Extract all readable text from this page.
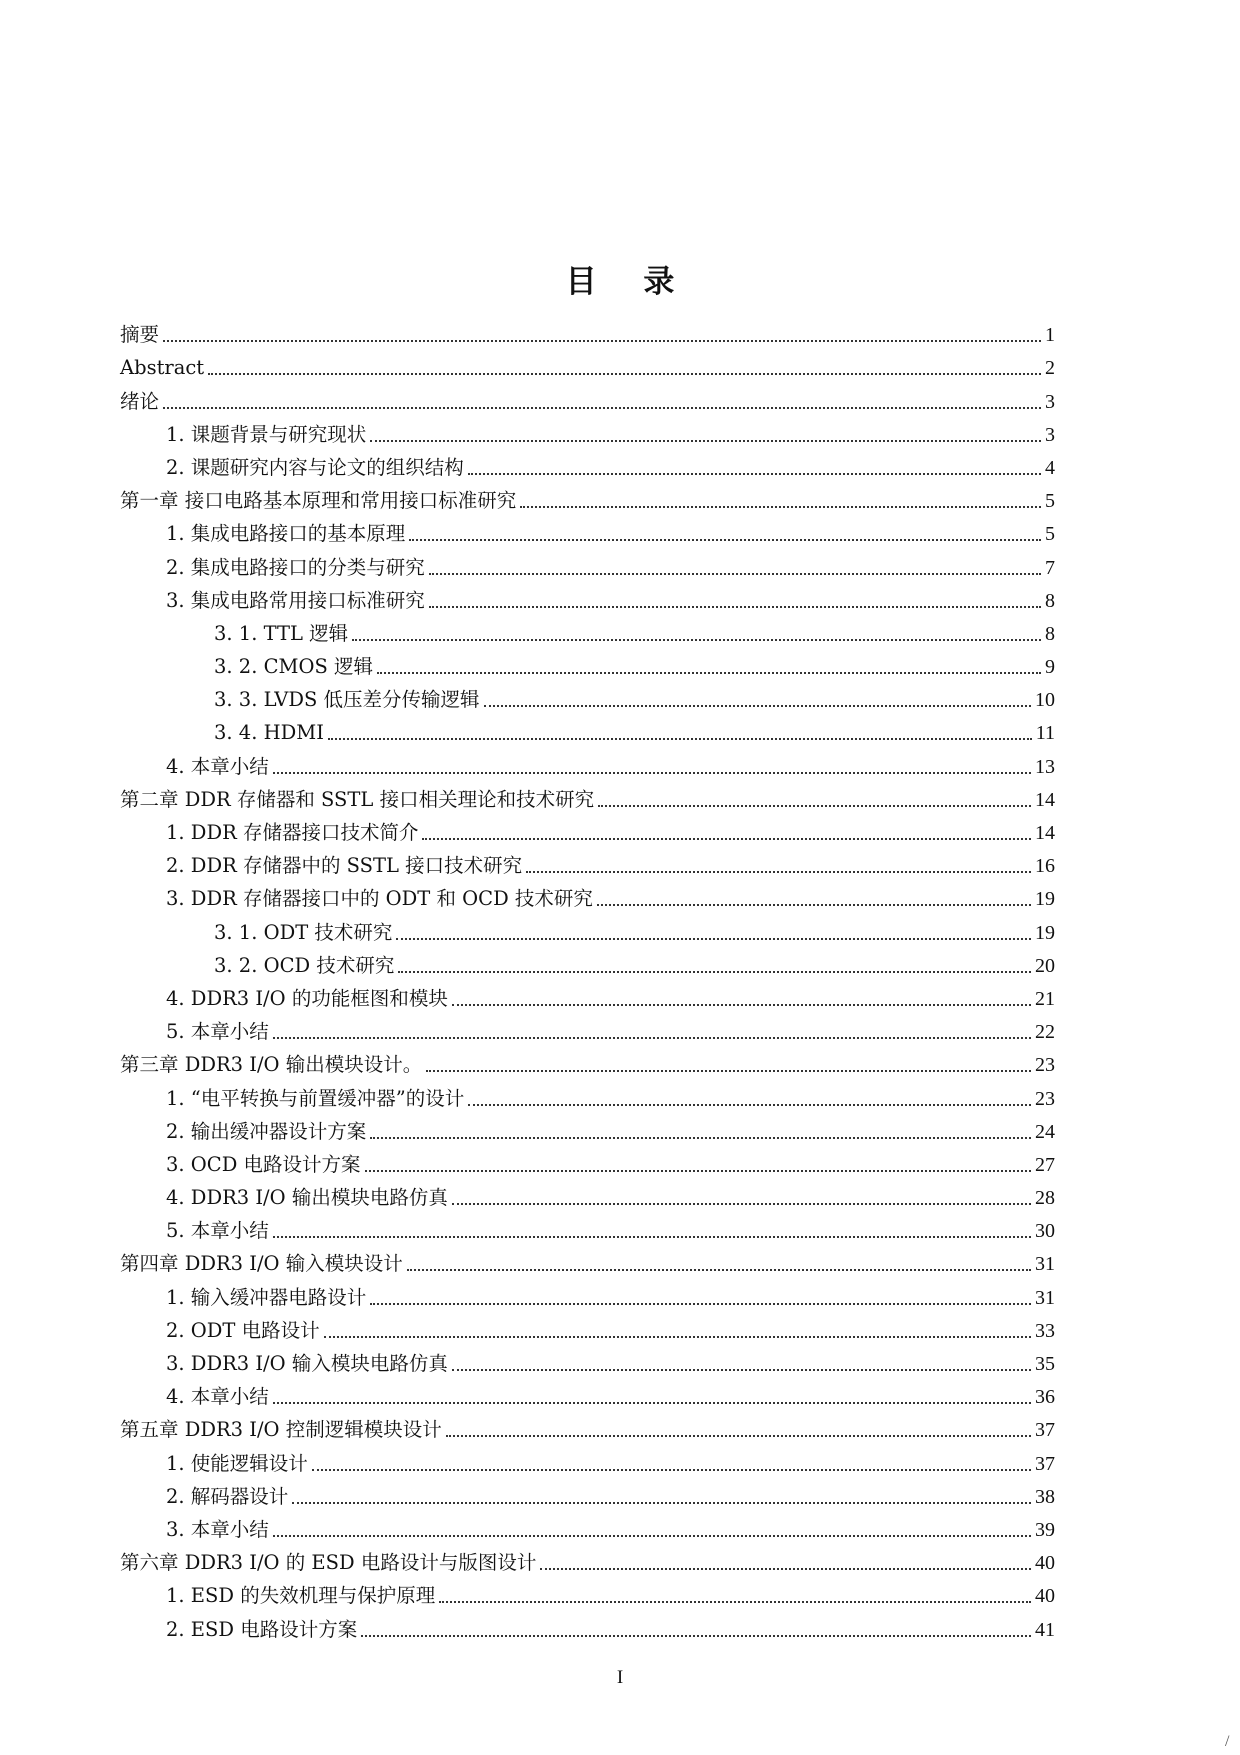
目 录
摘要	1
Abstract	2
绪论	3
1. 课题背景与研究现状	3
2. 课题研究内容与论文的组织结构	4
第一章 接口电路基本原理和常用接口标准研究	5
1. 集成电路接口的基本原理	5
2. 集成电路接口的分类与研究	7
3. 集成电路常用接口标准研究	8
3. 1. TTL 逻辑	8
3. 2. CMOS 逻辑	9
3. 3. LVDS 低压差分传输逻辑	10
3. 4. HDMI	11
4. 本章小结	13
第二章 DDR 存储器和 SSTL 接口相关理论和技术研究	14
1. DDR 存储器接口技术简介	14
2. DDR 存储器中的 SSTL 接口技术研究	16
3. DDR 存储器接口中的 ODT 和 OCD 技术研究	19
3. 1. ODT 技术研究	19
3. 2. OCD 技术研究	20
4. DDR3 I/O 的功能框图和模块	21
5. 本章小结	22
第三章 DDR3 I/O 输出模块设计。	23
1. “电平转换与前置缓冲器”的设计	23
2. 输出缓冲器设计方案	24
3. OCD 电路设计方案	27
4. DDR3 I/O 输出模块电路仿真	28
5. 本章小结	30
第四章 DDR3 I/O 输入模块设计	31
1. 输入缓冲器电路设计	31
2. ODT 电路设计	33
3. DDR3 I/O 输入模块电路仿真	35
4. 本章小结	36
第五章 DDR3 I/O 控制逻辑模块设计	37
1. 使能逻辑设计	37
2. 解码器设计	38
3. 本章小结	39
第六章 DDR3 I/O 的 ESD 电路设计与版图设计	40
1. ESD 的失效机理与保护原理	40
2. ESD 电路设计方案	41
I
/
